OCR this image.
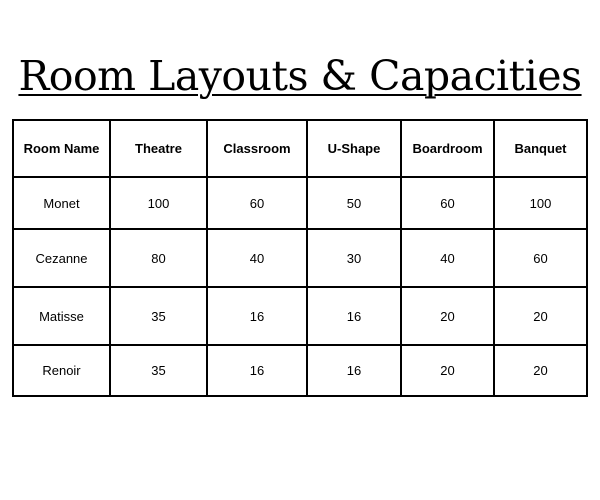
Room Layouts & Capacities
Room Name	Theatre	Classroom	U-Shape	Boardroom	Banquet
Monet	100	60	50	60	100
Cezanne	80	40	30	40	60
Matisse	35	16	16	20	20
Renoir	35	16	16	20	20
